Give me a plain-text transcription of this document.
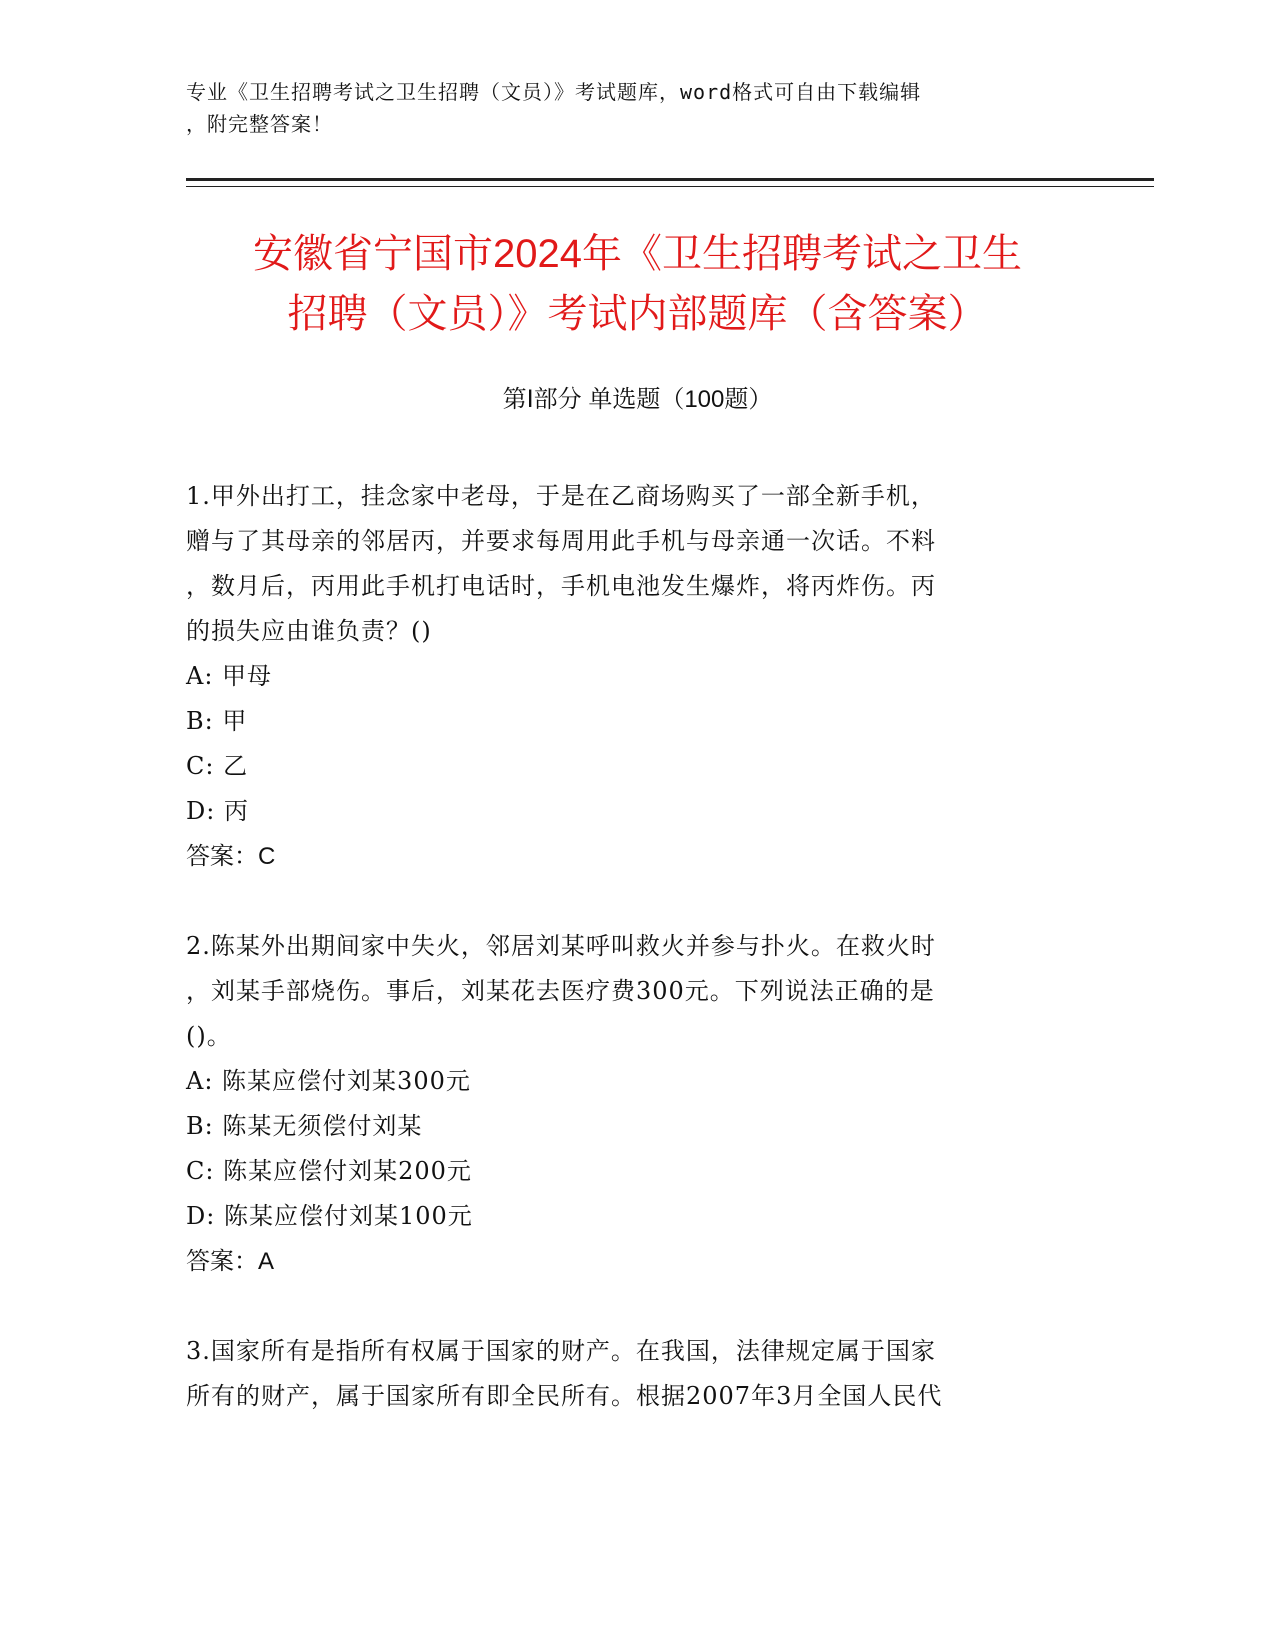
专业《卫生招聘考试之卫生招聘（文员）》考试题库，word格式可自由下载编辑
，附完整答案！
安徽省宁国市2024年《卫生招聘考试之卫生
招聘（文员）》考试内部题库（含答案）
第Ⅰ部分 单选题（100题）
1.甲外出打工，挂念家中老母，于是在乙商场购买了一部全新手机，
赠与了其母亲的邻居丙，并要求每周用此手机与母亲通一次话。不料
，数月后，丙用此手机打电话时，手机电池发生爆炸，将丙炸伤。丙
的损失应由谁负责？()
A: 甲母
B: 甲
C: 乙
D: 丙
答案：C
2.陈某外出期间家中失火，邻居刘某呼叫救火并参与扑火。在救火时
，刘某手部烧伤。事后，刘某花去医疗费300元。下列说法正确的是
()。
A: 陈某应偿付刘某300元
B: 陈某无须偿付刘某
C: 陈某应偿付刘某200元
D: 陈某应偿付刘某100元
答案：A
3.国家所有是指所有权属于国家的财产。在我国，法律规定属于国家
所有的财产，属于国家所有即全民所有。根据2007年3月全国人民代
